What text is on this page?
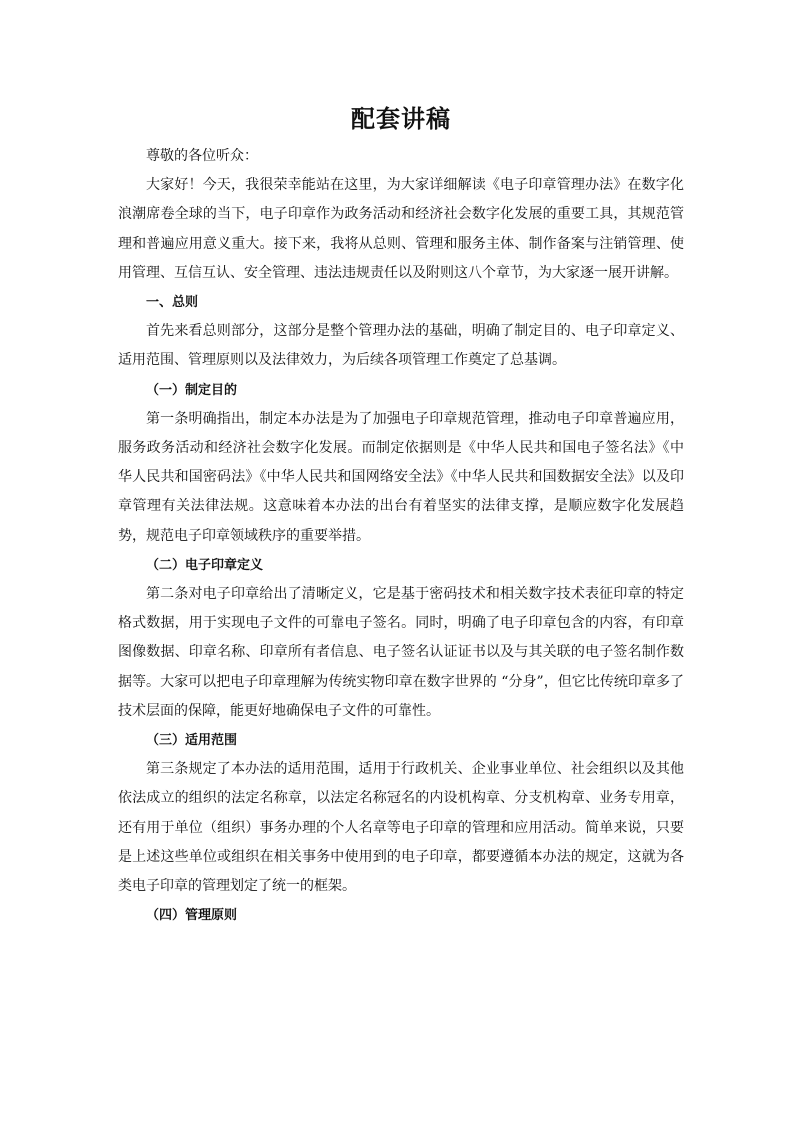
配套讲稿

尊敬的各位听众：

大家好！今天，我很荣幸能站在这里，为大家详细解读《电子印章管理办法》在数字化浪潮席卷全球的当下，电子印章作为政务活动和经济社会数字化发展的重要工具，其规范管理和普遍应用意义重大。接下来，我将从总则、管理和服务主体、制作备案与注销管理、使用管理、互信互认、安全管理、违法违规责任以及附则这八个章节，为大家逐一展开讲解。

一、总则

首先来看总则部分，这部分是整个管理办法的基础，明确了制定目的、电子印章定义、适用范围、管理原则以及法律效力，为后续各项管理工作奠定了总基调。

（一）制定目的

第一条明确指出，制定本办法是为了加强电子印章规范管理，推动电子印章普遍应用，服务政务活动和经济社会数字化发展。而制定依据则是《中华人民共和国电子签名法》《中华人民共和国密码法》《中华人民共和国网络安全法》《中华人民共和国数据安全法》以及印章管理有关法律法规。这意味着本办法的出台有着坚实的法律支撑，是顺应数字化发展趋势，规范电子印章领域秩序的重要举措。

（二）电子印章定义

第二条对电子印章给出了清晰定义，它是基于密码技术和相关数字技术表征印章的特定格式数据，用于实现电子文件的可靠电子签名。同时，明确了电子印章包含的内容，有印章图像数据、印章名称、印章所有者信息、电子签名认证证书以及与其关联的电子签名制作数据等。大家可以把电子印章理解为传统实物印章在数字世界的 “分身”，但它比传统印章多了技术层面的保障，能更好地确保电子文件的可靠性。

（三）适用范围

第三条规定了本办法的适用范围，适用于行政机关、企业事业单位、社会组织以及其他依法成立的组织的法定名称章，以法定名称冠名的内设机构章、分支机构章、业务专用章，还有用于单位（组织）事务办理的个人名章等电子印章的管理和应用活动。简单来说，只要是上述这些单位或组织在相关事务中使用到的电子印章，都要遵循本办法的规定，这就为各类电子印章的管理划定了统一的框架。

（四）管理原则
